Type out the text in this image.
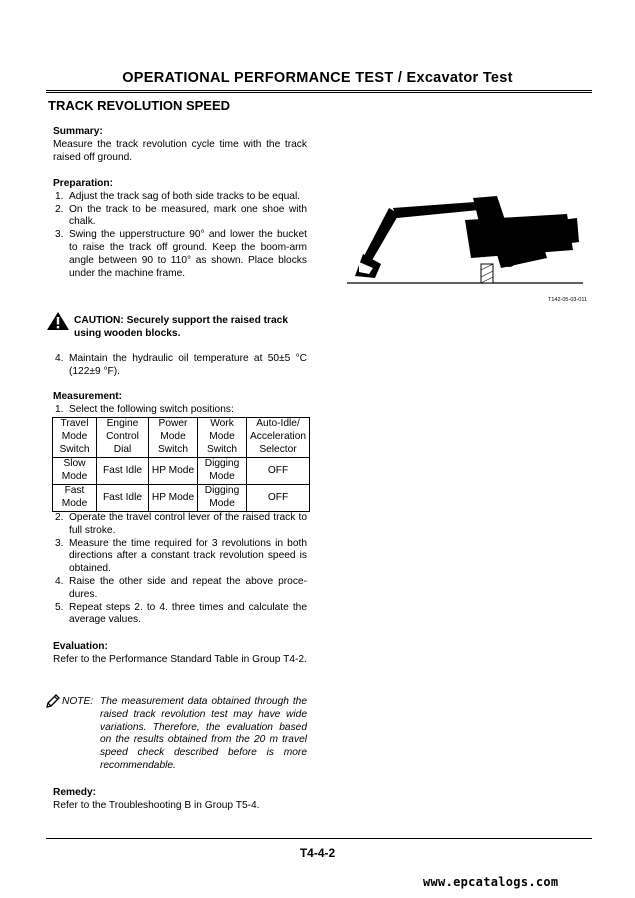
OPERATIONAL PERFORMANCE TEST / Excavator Test
TRACK REVOLUTION SPEED
Summary:
Measure the track revolution cycle time with the track raised off ground.
Preparation:
1. Adjust the track sag of both side tracks to be equal.
2. On the track to be measured, mark one shoe with chalk.
3. Swing the upperstructure 90° and lower the bucket to raise the track off ground. Keep the boom-arm angle between 90 to 110° as shown. Place blocks under the machine frame.
CAUTION: Securely support the raised track using wooden blocks.
4. Maintain the hydraulic oil temperature at 50±5 °C (122±9 °F).
Measurement:
1. Select the following switch positions:
Travel Mode Switch	Engine Control Dial	Power Mode Switch	Work Mode Switch	Auto-Idle/ Acceleration Selector
Slow Mode	Fast Idle	HP Mode	Digging Mode	OFF
Fast Mode	Fast Idle	HP Mode	Digging Mode	OFF
2. Operate the travel control lever of the raised track to full stroke.
3. Measure the time required for 3 revolutions in both directions after a constant track revolution speed is obtained.
4. Raise the other side and repeat the above proce-dures.
5. Repeat steps 2. to 4. three times and calculate the average values.
Evaluation:
Refer to the Performance Standard Table in Group T4-2.
NOTE: The measurement data obtained through the raised track revolution test may have wide variations. Therefore, the evaluation based on the results obtained from the 20 m travel speed check described before is more recommendable.
Remedy:
Refer to the Troubleshooting B in Group T5-4.
T142-05-03-011
T4-4-2
www.epcatalogs.com
